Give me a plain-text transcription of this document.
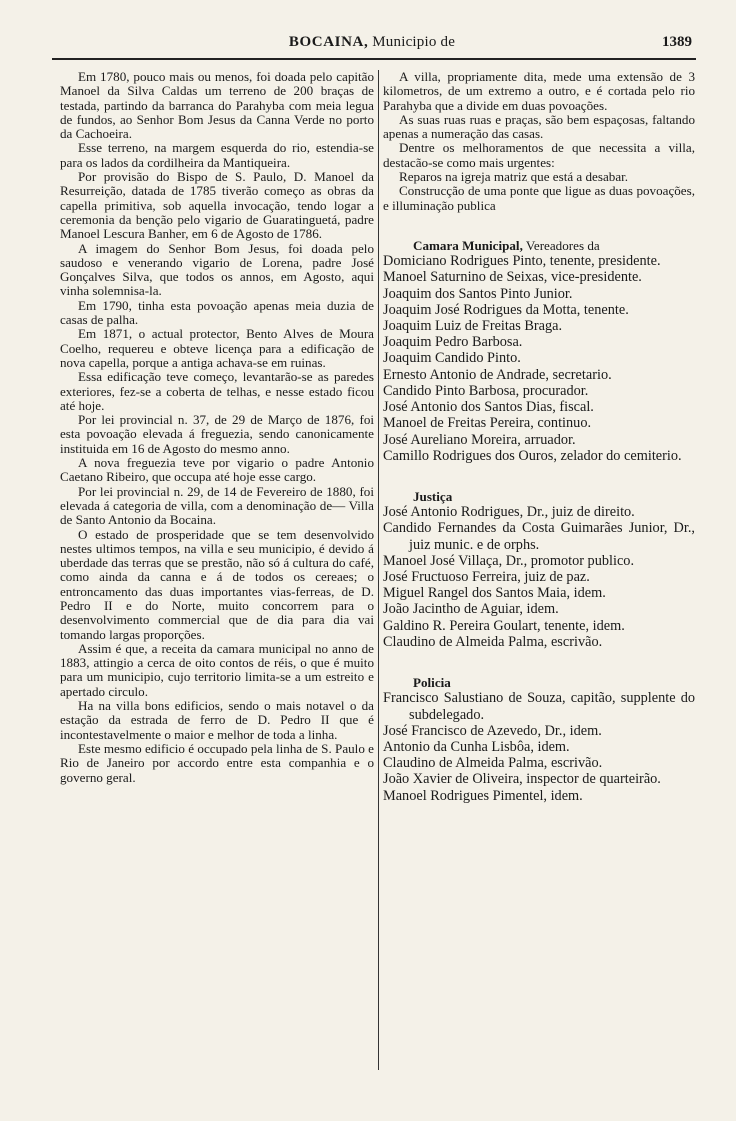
BOCAINA, Municipio de	1389

Em 1780, pouco mais ou menos, foi doada pelo capitão Manoel da Silva Caldas um terreno de 200 braças de testada, partindo da barranca do Parahyba com meia legua de fundos, ao Senhor Bom Jesus da Canna Verde no porto da Cachoeira.

Esse terreno, na margem esquerda do rio, estendia-se para os lados da cordilheira da Mantiqueira.

Por provisão do Bispo de S. Paulo, D. Manoel da Resurreição, datada de 1785 tiverão começo as obras da capella primitiva, sob aquella invocação, tendo logar a ceremonia da benção pelo vigario de Guaratinguetá, padre Manoel Lescura Banher, em 6 de Agosto de 1786.

A imagem do Senhor Bom Jesus, foi doada pelo saudoso e venerando vigario de Lorena, padre José Gonçalves Silva, que todos os annos, em Agosto, aqui vinha solemnisa-la.

Em 1790, tinha esta povoação apenas meia duzia de casas de palha.

Em 1871, o actual protector, Bento Alves de Moura Coelho, requereu e obteve licença para a edificação de nova capella, porque a antiga achava-se em ruinas.

Essa edificação teve começo, levantarão-se as paredes exteriores, fez-se a coberta de telhas, e nesse estado ficou até hoje.

Por lei provincial n. 37, de 29 de Março de 1876, foi esta povoação elevada á freguezia, sendo canonicamente instituida em 16 de Agosto do mesmo anno.

A nova freguezia teve por vigario o padre Antonio Caetano Ribeiro, que occupa até hoje esse cargo.

Por lei provincial n. 29, de 14 de Fevereiro de 1880, foi elevada á categoria de villa, com a denominação de— Villa de Santo Antonio da Bocaina.

O estado de prosperidade que se tem desenvolvido nestes ultimos tempos, na villa e seu municipio, é devido á uberdade das terras que se prestão, não só á cultura do café, como ainda da canna e á de todos os cereaes; o entroncamento das duas importantes vias-ferreas, de D. Pedro II e do Norte, muito concorrem para o desenvolvimento commercial que de dia para dia vai tomando largas proporções.

Assim é que, a receita da camara municipal no anno de 1883, attingio a cerca de oito contos de réis, o que é muito para um municipio, cujo territorio limita-se a um estreito e apertado circulo.

Ha na villa bons edificios, sendo o mais notavel o da estação da estrada de ferro de D. Pedro II que é incontestavelmente o maior e melhor de toda a linha.

Este mesmo edificio é occupado pela linha de S. Paulo e Rio de Janeiro por accordo entre esta companhia e o governo geral.

A villa, propriamente dita, mede uma extensão de 3 kilometros, de um extremo a outro, e é cortada pelo rio Parahyba que a divide em duas povoações.

As suas ruas ruas e praças, são bem espaçosas, faltando apenas a numeração das casas.

Dentre os melhoramentos de que necessita a villa, destacão-se como mais urgentes:

Reparos na igreja matriz que está a desabar.

Construcção de uma ponte que ligue as duas povoações, e illuminação publica

Camara Municipal, Vereadores da
Domiciano Rodrigues Pinto, tenente, presidente.
Manoel Saturnino de Seixas, vice-presidente.
Joaquim dos Santos Pinto Junior.
Joaquim José Rodrigues da Motta, tenente.
Joaquim Luiz de Freitas Braga.
Joaquim Pedro Barbosa.
Joaquim Candido Pinto.
Ernesto Antonio de Andrade, secretario.
Candido Pinto Barbosa, procurador.
José Antonio dos Santos Dias, fiscal.
Manoel de Freitas Pereira, continuo.
José Aureliano Moreira, arruador.
Camillo Rodrigues dos Ouros, zelador do cemiterio.
Justiça
José Antonio Rodrigues, Dr., juiz de direito.
Candido Fernandes da Costa Guimarães Junior, Dr., juiz munic. e de orphs.
Manoel José Villaça, Dr., promotor publico.
José Fructuoso Ferreira, juiz de paz.
Miguel Rangel dos Santos Maia, idem.
João Jacintho de Aguiar, idem.
Galdino R. Pereira Goulart, tenente, idem.
Claudino de Almeida Palma, escrivão.
Policia
Francisco Salustiano de Souza, capitão, supplente do subdelegado.
José Francisco de Azevedo, Dr., idem.
Antonio da Cunha Lisbôa, idem.
Claudino de Almeida Palma, escrivão.
João Xavier de Oliveira, inspector de quarteirão.
Manoel Rodrigues Pimentel, idem.
